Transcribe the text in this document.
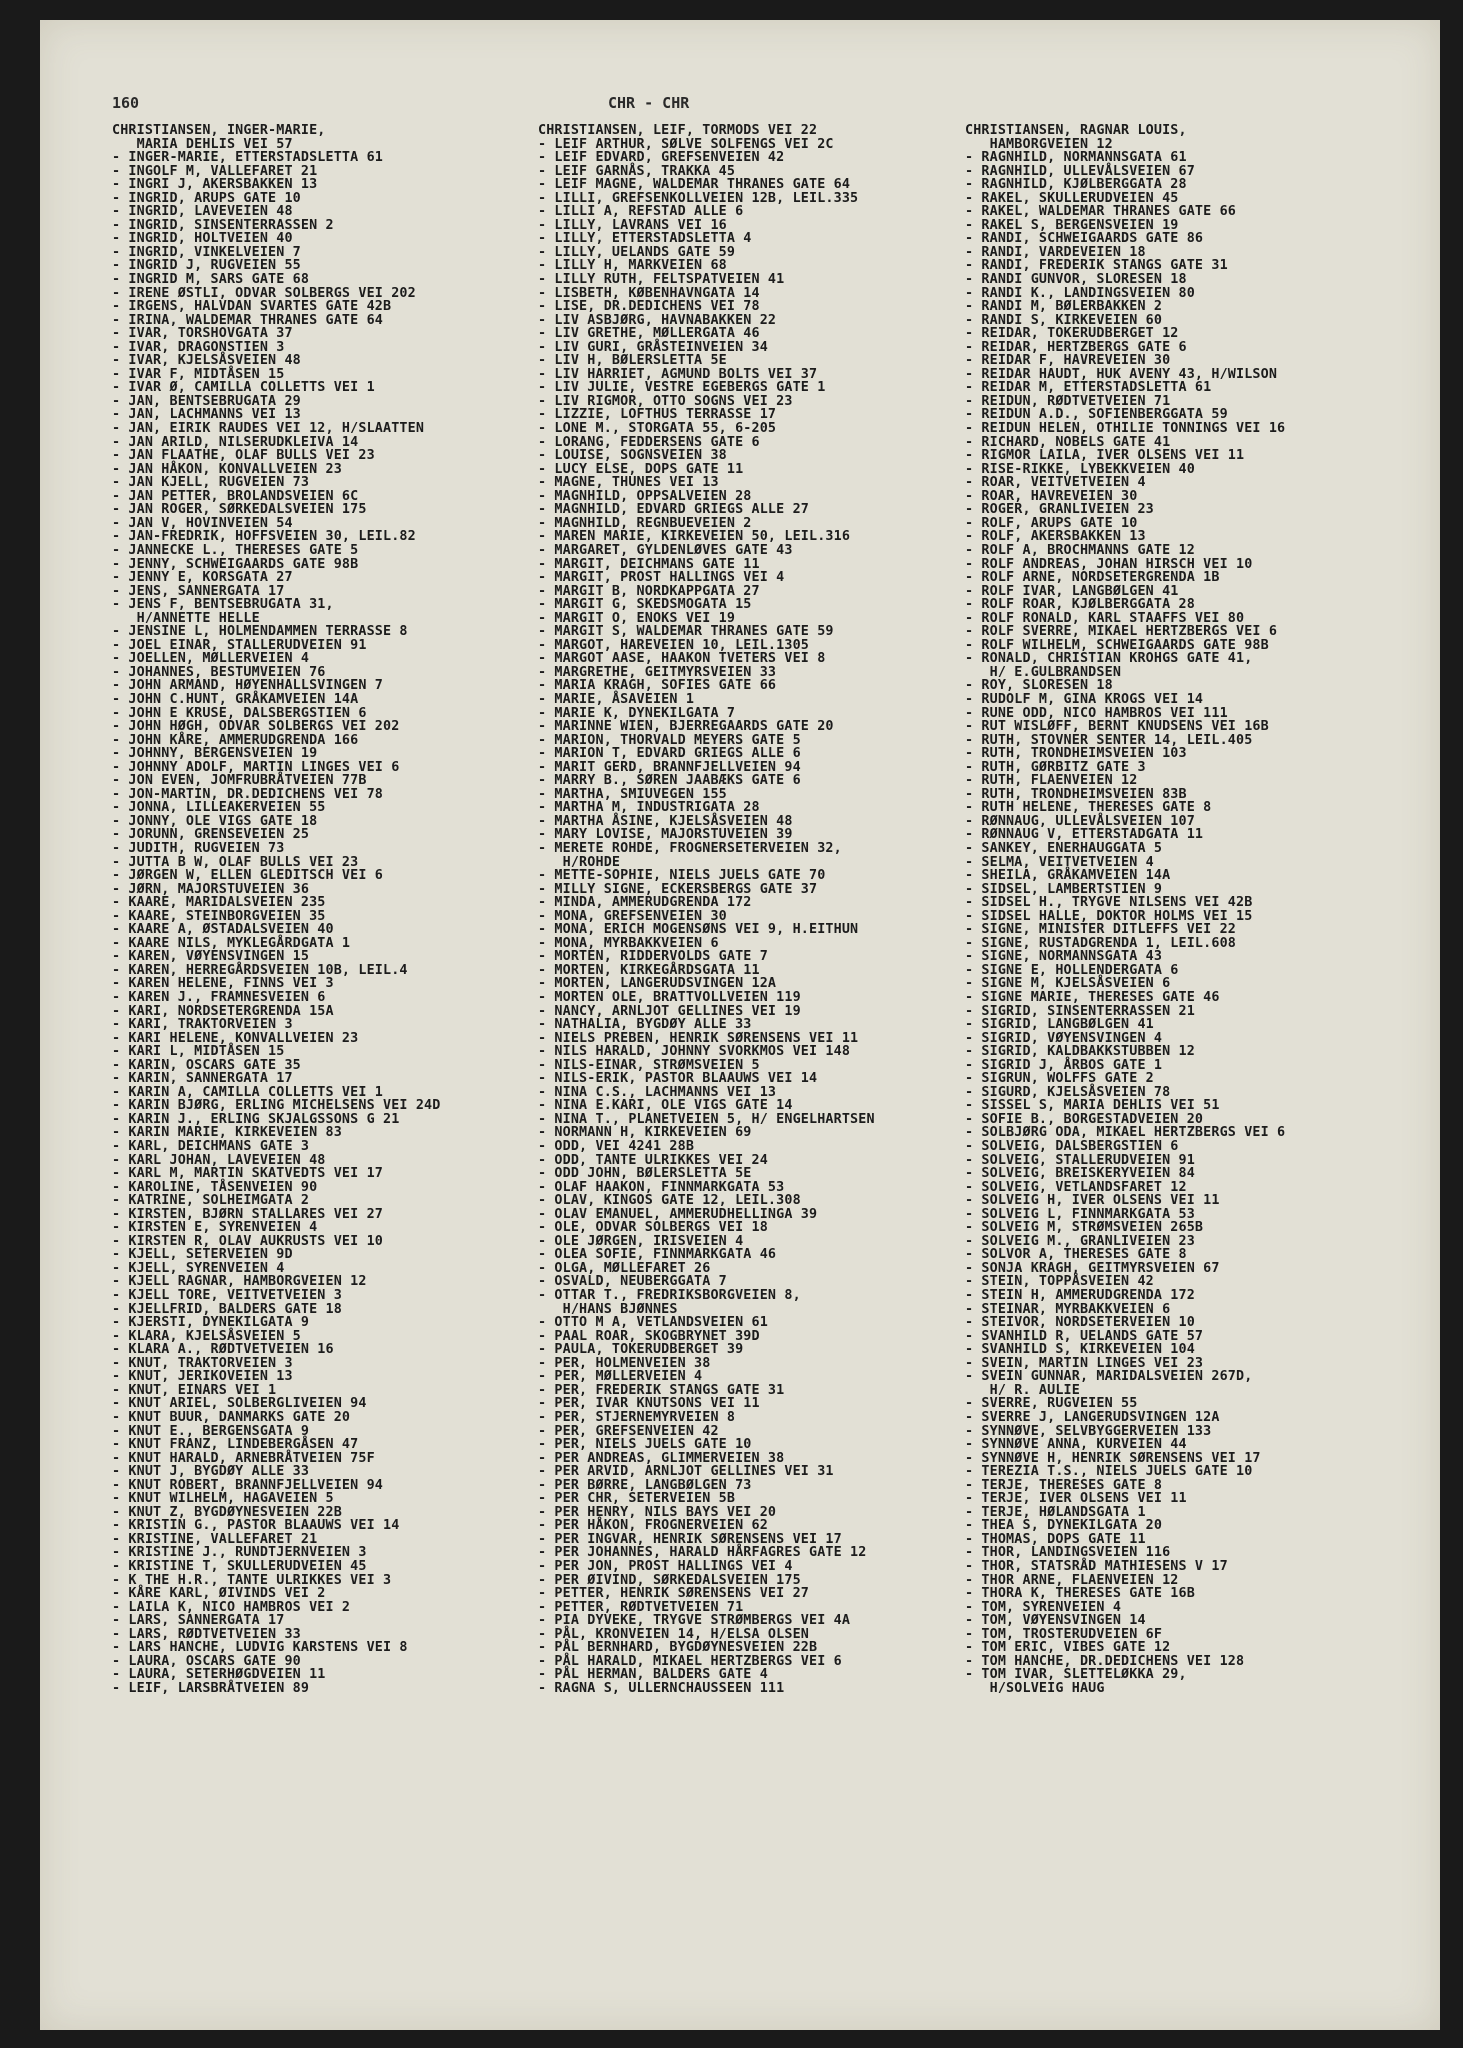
160	CHR - CHR
CHRISTIANSEN, INGER-MARIE,
MARIA DEHLIS VEI 57
- INGER-MARIE, ETTERSTADSLETTA 61
- INGOLF M, VALLEFARET 21
- INGRI J, AKERSBAKKEN 13
- INGRID, ARUPS GATE 10
- INGRID, LAVEVEIEN 48
- INGRID, SINSENTERRASSEN 2
- INGRID, HOLTVEIEN 40
- INGRID, VINKELVEIEN 7
- INGRID J, RUGVEIEN 55
- INGRID M, SARS GATE 68
- IRENE ØSTLI, ODVAR SOLBERGS VEI 202
- IRGENS, HALVDAN SVARTES GATE 42B
- IRINA, WALDEMAR THRANES GATE 64
- IVAR, TORSHOVGATA 37
- IVAR, DRAGONSTIEN 3
- IVAR, KJELSÅSVEIEN 48
- IVAR F, MIDTÅSEN 15
- IVAR Ø, CAMILLA COLLETTS VEI 1
- JAN, BENTSEBRUGATA 29
- JAN, LACHMANNS VEI 13
- JAN, EIRIK RAUDES VEI 12, H/SLAATTEN
- JAN ARILD, NILSERUDKLEIVA 14
- JAN FLAATHE, OLAF BULLS VEI 23
- JAN HÅKON, KONVALLVEIEN 23
- JAN KJELL, RUGVEIEN 73
- JAN PETTER, BROLANDSVEIEN 6C
- JAN ROGER, SØRKEDALSVEIEN 175
- JAN V, HOVINVEIEN 54
- JAN-FREDRIK, HOFFSVEIEN 30, LEIL.82
- JANNECKE L., THERESES GATE 5
- JENNY, SCHWEIGAARDS GATE 98B
- JENNY E, KORSGATA 27
- JENS, SANNERGATA 17
- JENS F, BENTSEBRUGATA 31,
H/ANNETTE HELLE
- JENSINE L, HOLMENDAMMEN TERRASSE 8
- JOEL EINAR, STALLERUDVEIEN 91
- JOELLEN, MØLLERVEIEN 4
- JOHANNES, BESTUMVEIEN 76
- JOHN ARMAND, HØYENHALLSVINGEN 7
- JOHN C.HUNT, GRÅKAMVEIEN 14A
- JOHN E KRUSE, DALSBERGSTIEN 6
- JOHN HØGH, ODVAR SOLBERGS VEI 202
- JOHN KÅRE, AMMERUDGRENDA 166
- JOHNNY, BERGENSVEIEN 19
- JOHNNY ADOLF, MARTIN LINGES VEI 6
- JON EVEN, JOMFRUBRÅTVEIEN 77B
- JON-MARTIN, DR.DEDICHENS VEI 78
- JONNA, LILLEAKERVEIEN 55
- JONNY, OLE VIGS GATE 18
- JORUNN, GRENSEVEIEN 25
- JUDITH, RUGVEIEN 73
- JUTTA B W, OLAF BULLS VEI 23
- JØRGEN W, ELLEN GLEDITSCH VEI 6
- JØRN, MAJORSTUVEIEN 36
- KAARE, MARIDALSVEIEN 235
- KAARE, STEINBORGVEIEN 35
- KAARE A, ØSTADALSVEIEN 40
- KAARE NILS, MYKLEGÅRDGATA 1
- KAREN, VØYENSVINGEN 15
- KAREN, HERREGÅRDSVEIEN 10B, LEIL.4
- KAREN HELENE, FINNS VEI 3
- KAREN J., FRAMNESVEIEN 6
- KARI, NORDSETERGRENDA 15A
- KARI, TRAKTORVEIEN 3
- KARI HELENE, KONVALLVEIEN 23
- KARI L, MIDTÅSEN 15
- KARIN, OSCARS GATE 35
- KARIN, SANNERGATA 17
- KARIN A, CAMILLA COLLETTS VEI 1
- KARIN BJØRG, ERLING MICHELSENS VEI 24D
- KARIN J., ERLING SKJALGSSONS G 21
- KARIN MARIE, KIRKEVEIEN 83
- KARL, DEICHMANS GATE 3
- KARL JOHAN, LAVEVEIEN 48
- KARL M, MARTIN SKATVEDTS VEI 17
- KAROLINE, TÅSENVEIEN 90
- KATRINE, SOLHEIMGATA 2
- KIRSTEN, BJØRN STALLARES VEI 27
- KIRSTEN E, SYRENVEIEN 4
- KIRSTEN R, OLAV AUKRUSTS VEI 10
- KJELL, SETERVEIEN 9D
- KJELL, SYRENVEIEN 4
- KJELL RAGNAR, HAMBORGVEIEN 12
- KJELL TORE, VEITVETVEIEN 3
- KJELLFRID, BALDERS GATE 18
- KJERSTI, DYNEKILGATA 9
- KLARA, KJELSÅSVEIEN 5
- KLARA A., RØDTVETVEIEN 16
- KNUT, TRAKTORVEIEN 3
- KNUT, JERIKOVEIEN 13
- KNUT, EINARS VEI 1
- KNUT ARIEL, SOLBERGLIVEIEN 94
- KNUT BUUR, DANMARKS GATE 20
- KNUT E., BERGENSGATA 9
- KNUT FRANZ, LINDEBERGÅSEN 47
- KNUT HARALD, ARNEBRÅTVEIEN 75F
- KNUT J, BYGDØY ALLE 33
- KNUT ROBERT, BRANNFJELLVEIEN 94
- KNUT WILHELM, HAGAVEIEN 5
- KNUT Z, BYGDØYNESVEIEN 22B
- KRISTIN G., PASTOR BLAAUWS VEI 14
- KRISTINE, VALLEFARET 21
- KRISTINE J., RUNDTJERNVEIEN 3
- KRISTINE T, SKULLERUDVEIEN 45
- K THE H.R., TANTE ULRIKKES VEI 3
- KÅRE KARL, ØIVINDS VEI 2
- LAILA K, NICO HAMBROS VEI 2
- LARS, SANNERGATA 17
- LARS, RØDTVETVEIEN 33
- LARS HANCHE, LUDVIG KARSTENS VEI 8
- LAURA, OSCARS GATE 90
- LAURA, SETERHØGDVEIEN 11
- LEIF, LARSBRÅTVEIEN 89
CHRISTIANSEN, LEIF, TORMODS VEI 22
- LEIF ARTHUR, SØLVE SOLFENGS VEI 2C
- LEIF EDVARD, GREFSENVEIEN 42
- LEIF GARNÅS, TRAKKA 45
- LEIF MAGNE, WALDEMAR THRANES GATE 64
- LILLI, GREFSENKOLLVEIEN 12B, LEIL.335
- LILLI A, REFSTAD ALLE 6
- LILLY, LAVRANS VEI 16
- LILLY, ETTERSTADSLETTA 4
- LILLY, UELANDS GATE 59
- LILLY H, MARKVEIEN 68
- LILLY RUTH, FELTSPATVEIEN 41
- LISBETH, KØBENHAVNGATA 14
- LISE, DR.DEDICHENS VEI 78
- LIV ASBJØRG, HAVNABAKKEN 22
- LIV GRETHE, MØLLERGATA 46
- LIV GURI, GRÅSTEINVEIEN 34
- LIV H, BØLERSLETTA 5E
- LIV HARRIET, AGMUND BOLTS VEI 37
- LIV JULIE, VESTRE EGEBERGS GATE 1
- LIV RIGMOR, OTTO SOGNS VEI 23
- LIZZIE, LOFTHUS TERRASSE 17
- LONE M., STORGATA 55, 6-205
- LORANG, FEDDERSENS GATE 6
- LOUISE, SOGNSVEIEN 38
- LUCY ELSE, DOPS GATE 11
- MAGNE, THUNES VEI 13
- MAGNHILD, OPPSALVEIEN 28
- MAGNHILD, EDVARD GRIEGS ALLE 27
- MAGNHILD, REGNBUEVEIEN 2
- MAREN MARIE, KIRKEVEIEN 50, LEIL.316
- MARGARET, GYLDENLØVES GATE 43
- MARGIT, DEICHMANS GATE 11
- MARGIT, PROST HALLINGS VEI 4
- MARGIT B, NORDKAPPGATA 27
- MARGIT G, SKEDSMOGATA 15
- MARGIT O, ENOKS VEI 19
- MARGIT S, WALDEMAR THRANES GATE 59
- MARGOT, HAREVEIEN 10, LEIL.1305
- MARGOT AASE, HAAKON TVETERS VEI 8
- MARGRETHE, GEITMYRSVEIEN 33
- MARIA KRAGH, SOFIES GATE 66
- MARIE, ÅSAVEIEN 1
- MARIE K, DYNEKILGATA 7
- MARINNE WIEN, BJERREGAARDS GATE 20
- MARION, THORVALD MEYERS GATE 5
- MARION T, EDVARD GRIEGS ALLE 6
- MARIT GERD, BRANNFJELLVEIEN 94
- MARRY B., SØREN JAABÆKS GATE 6
- MARTHA, SMIUVEGEN 155
- MARTHA M, INDUSTRIGATA 28
- MARTHA ÅSINE, KJELSÅSVEIEN 48
- MARY LOVISE, MAJORSTUVEIEN 39
- MERETE ROHDE, FROGNERSETERVEIEN 32,
H/ROHDE
- METTE-SOPHIE, NIELS JUELS GATE 70
- MILLY SIGNE, ECKERSBERGS GATE 37
- MINDA, AMMERUDGRENDA 172
- MONA, GREFSENVEIEN 30
- MONA, ERICH MOGENSØNS VEI 9, H.EITHUN
- MONA, MYRBAKKVEIEN 6
- MORTEN, RIDDERVOLDS GATE 7
- MORTEN, KIRKEGÅRDSGATA 11
- MORTEN, LANGERUDSVINGEN 12A
- MORTEN OLE, BRATTVOLLVEIEN 119
- NANCY, ARNLJOT GELLINES VEI 19
- NATHALIA, BYGDØY ALLE 33
- NIELS PREBEN, HENRIK SØRENSENS VEI 11
- NILS HARALD, JOHNNY SVORKMOS VEI 148
- NILS-EINAR, STRØMSVEIEN 5
- NILS-ERIK, PASTOR BLAAUWS VEI 14
- NINA C.S., LACHMANNS VEI 13
- NINA E.KARI, OLE VIGS GATE 14
- NINA T., PLANETVEIEN 5, H/ ENGELHARTSEN
- NORMANN H, KIRKEVEIEN 69
- ODD, VEI 4241 28B
- ODD, TANTE ULRIKKES VEI 24
- ODD JOHN, BØLERSLETTA 5E
- OLAF HAAKON, FINNMARKGATA 53
- OLAV, KINGOS GATE 12, LEIL.308
- OLAV EMANUEL, AMMERUDHELLINGA 39
- OLE, ODVAR SOLBERGS VEI 18
- OLE JØRGEN, IRISVEIEN 4
- OLEA SOFIE, FINNMARKGATA 46
- OLGA, MØLLEFARET 26
- OSVALD, NEUBERGGATA 7
- OTTAR T., FREDRIKSBORGVEIEN 8,
H/HANS BJØNNES
- OTTO M A, VETLANDSVEIEN 61
- PAAL ROAR, SKOGBRYNET 39D
- PAULA, TOKERUDBERGET 39
- PER, HOLMENVEIEN 38
- PER, MØLLERVEIEN 4
- PER, FREDERIK STANGS GATE 31
- PER, IVAR KNUTSONS VEI 11
- PER, STJERNEMYRVEIEN 8
- PER, GREFSENVEIEN 42
- PER, NIELS JUELS GATE 10
- PER ANDREAS, GLIMMERVEIEN 38
- PER ARVID, ARNLJOT GELLINES VEI 31
- PER BØRRE, LANGBØLGEN 73
- PER CHR, SETERVEIEN 5B
- PER HENRY, NILS BAYS VEI 20
- PER HÅKON, FROGNERVEIEN 62
- PER INGVAR, HENRIK SØRENSENS VEI 17
- PER JOHANNES, HARALD HÅRFAGRES GATE 12
- PER JON, PROST HALLINGS VEI 4
- PER ØIVIND, SØRKEDALSVEIEN 175
- PETTER, HENRIK SØRENSENS VEI 27
- PETTER, RØDTVETVEIEN 71
- PIA DYVEKE, TRYGVE STRØMBERGS VEI 4A
- PÅL, KRONVEIEN 14, H/ELSA OLSEN
- PÅL BERNHARD, BYGDØYNESVEIEN 22B
- PÅL HARALD, MIKAEL HERTZBERGS VEI 6
- PÅL HERMAN, BALDERS GATE 4
- RAGNA S, ULLERNCHAUSSEEN 111
CHRISTIANSEN, RAGNAR LOUIS,
HAMBORGVEIEN 12
- RAGNHILD, NORMANNSGATA 61
- RAGNHILD, ULLEVÅLSVEIEN 67
- RAGNHILD, KJØLBERGGATA 28
- RAKEL, SKULLERUDVEIEN 45
- RAKEL, WALDEMAR THRANES GATE 66
- RAKEL S, BERGENSVEIEN 19
- RANDI, SCHWEIGAARDS GATE 86
- RANDI, VARDEVEIEN 18
- RANDI, FREDERIK STANGS GATE 31
- RANDI GUNVOR, SLORESEN 18
- RANDI K., LANDINGSVEIEN 80
- RANDI M, BØLERBAKKEN 2
- RANDI S, KIRKEVEIEN 60
- REIDAR, TOKERUDBERGET 12
- REIDAR, HERTZBERGS GATE 6
- REIDAR F, HAVREVEIEN 30
- REIDAR HAUDT, HUK AVENY 43, H/WILSON
- REIDAR M, ETTERSTADSLETTA 61
- REIDUN, RØDTVETVEIEN 71
- REIDUN A.D., SOFIENBERGGATA 59
- REIDUN HELEN, OTHILIE TONNINGS VEI 16
- RICHARD, NOBELS GATE 41
- RIGMOR LAILA, IVER OLSENS VEI 11
- RISE-RIKKE, LYBEKKVEIEN 40
- ROAR, VEITVETVEIEN 4
- ROAR, HAVREVEIEN 30
- ROGER, GRANLIVEIEN 23
- ROLF, ARUPS GATE 10
- ROLF, AKERSBAKKEN 13
- ROLF A, BROCHMANNS GATE 12
- ROLF ANDREAS, JOHAN HIRSCH VEI 10
- ROLF ARNE, NORDSETERGRENDA 1B
- ROLF IVAR, LANGBØLGEN 41
- ROLF ROAR, KJØLBERGGATA 28
- ROLF RONALD, KARL STAAFFS VEI 80
- ROLF SVERRE, MIKAEL HERTZBERGS VEI 6
- ROLF WILHELM, SCHWEIGAARDS GATE 98B
- RONALD, CHRISTIAN KROHGS GATE 41,
H/ E.GULBRANDSEN
- ROY, SLORESEN 18
- RUDOLF M, GINA KROGS VEI 14
- RUNE ODD, NICO HAMBROS VEI 111
- RUT WISLØFF, BERNT KNUDSENS VEI 16B
- RUTH, STOVNER SENTER 14, LEIL.405
- RUTH, TRONDHEIMSVEIEN 103
- RUTH, GØRBITZ GATE 3
- RUTH, FLAENVEIEN 12
- RUTH, TRONDHEIMSVEIEN 83B
- RUTH HELENE, THERESES GATE 8
- RØNNAUG, ULLEVÅLSVEIEN 107
- RØNNAUG V, ETTERSTADGATA 11
- SANKEY, ENERHAUGGATA 5
- SELMA, VEITVETVEIEN 4
- SHEILA, GRÅKAMVEIEN 14A
- SIDSEL, LAMBERTSTIEN 9
- SIDSEL H., TRYGVE NILSENS VEI 42B
- SIDSEL HALLE, DOKTOR HOLMS VEI 15
- SIGNE, MINISTER DITLEFFS VEI 22
- SIGNE, RUSTADGRENDA 1, LEIL.608
- SIGNE, NORMANNSGATA 43
- SIGNE E, HOLLENDERGATA 6
- SIGNE M, KJELSÅSVEIEN 6
- SIGNE MARIE, THERESES GATE 46
- SIGRID, SINSENTERRASSEN 21
- SIGRID, LANGBØLGEN 41
- SIGRID, VØYENSVINGEN 4
- SIGRID, KALDBAKKSTUBBEN 12
- SIGRID J, ÅRBOS GATE 1
- SIGRUN, WOLFFS GATE 2
- SIGURD, KJELSÅSVEIEN 78
- SISSEL S, MARIA DEHLIS VEI 51
- SOFIE B., BORGESTADVEIEN 20
- SOLBJØRG ODA, MIKAEL HERTZBERGS VEI 6
- SOLVEIG, DALSBERGSTIEN 6
- SOLVEIG, STALLERUDVEIEN 91
- SOLVEIG, BREISKERYVEIEN 84
- SOLVEIG, VETLANDSFARET 12
- SOLVEIG H, IVER OLSENS VEI 11
- SOLVEIG L, FINNMARKGATA 53
- SOLVEIG M, STRØMSVEIEN 265B
- SOLVEIG M., GRANLIVEIEN 23
- SOLVOR A, THERESES GATE 8
- SONJA KRAGH, GEITMYRSVEIEN 67
- STEIN, TOPPÅSVEIEN 42
- STEIN H, AMMERUDGRENDA 172
- STEINAR, MYRBAKKVEIEN 6
- STEIVOR, NORDSETERVEIEN 10
- SVANHILD R, UELANDS GATE 57
- SVANHILD S, KIRKEVEIEN 104
- SVEIN, MARTIN LINGES VEI 23
- SVEIN GUNNAR, MARIDALSVEIEN 267D,
H/ R. AULIE
- SVERRE, RUGVEIEN 55
- SVERRE J, LANGERUDSVINGEN 12A
- SYNNØVE, SELVBYGGERVEIEN 133
- SYNNØVE ANNA, KURVEIEN 44
- SYNNØVE H, HENRIK SØRENSENS VEI 17
- TEREZIA T.S., NIELS JUELS GATE 10
- TERJE, THERESES GATE 8
- TERJE, IVER OLSENS VEI 11
- TERJE, HØLANDSGATA 1
- THEA S, DYNEKILGATA 20
- THOMAS, DOPS GATE 11
- THOR, LANDINGSVEIEN 116
- THOR, STATSRÅD MATHIESENS V 17
- THOR ARNE, FLAENVEIEN 12
- THORA K, THERESES GATE 16B
- TOM, SYRENVEIEN 4
- TOM, VØYENSVINGEN 14
- TOM, TROSTERUDVEIEN 6F
- TOM ERIC, VIBES GATE 12
- TOM HANCHE, DR.DEDICHENS VEI 128
- TOM IVAR, SLETTELØKKA 29,
H/SOLVEIG HAUG
